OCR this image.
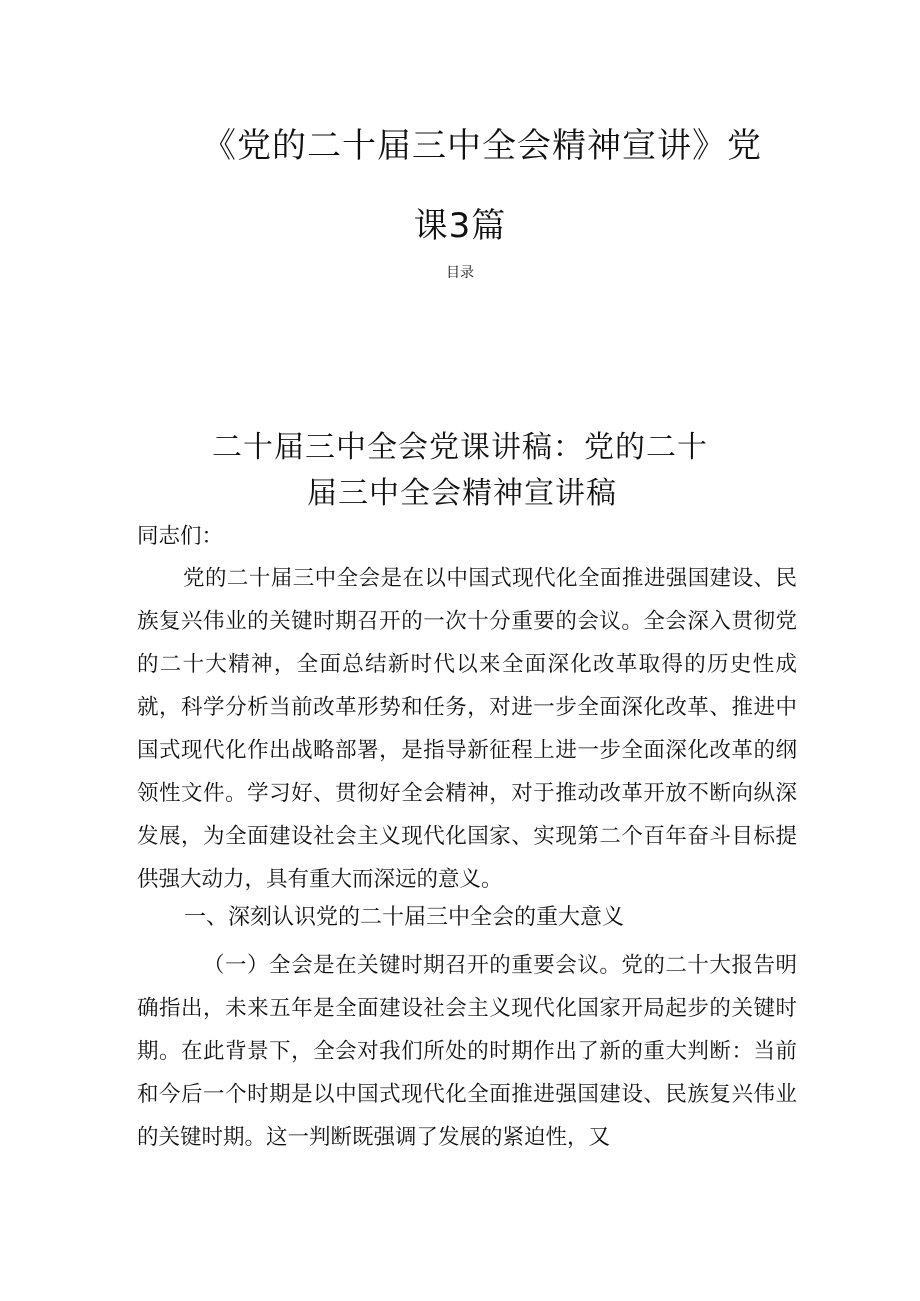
《党的二十届三中全会精神宣讲》党
课3篇
目录
二十届三中全会党课讲稿：党的二十
届三中全会精神宣讲稿

同志们：

党的二十届三中全会是在以中国式现代化全面推进强国建设、民族复兴伟业的关键时期召开的一次十分重要的会议。全会深入贯彻党的二十大精神，全面总结新时代以来全面深化改革取得的历史性成就，科学分析当前改革形势和任务，对进一步全面深化改革、推进中国式现代化作出战略部署，是指导新征程上进一步全面深化改革的纲领性文件。学习好、贯彻好全会精神，对于推动改革开放不断向纵深发展，为全面建设社会主义现代化国家、实现第二个百年奋斗目标提供强大动力，具有重大而深远的意义。

一、深刻认识党的二十届三中全会的重大意义

（一）全会是在关键时期召开的重要会议。党的二十大报告明确指出，未来五年是全面建设社会主义现代化国家开局起步的关键时期。在此背景下，全会对我们所处的时期作出了新的重大判断：当前和今后一个时期是以中国式现代化全面推进强国建设、民族复兴伟业的关键时期。这一判断既强调了发展的紧迫性，又
